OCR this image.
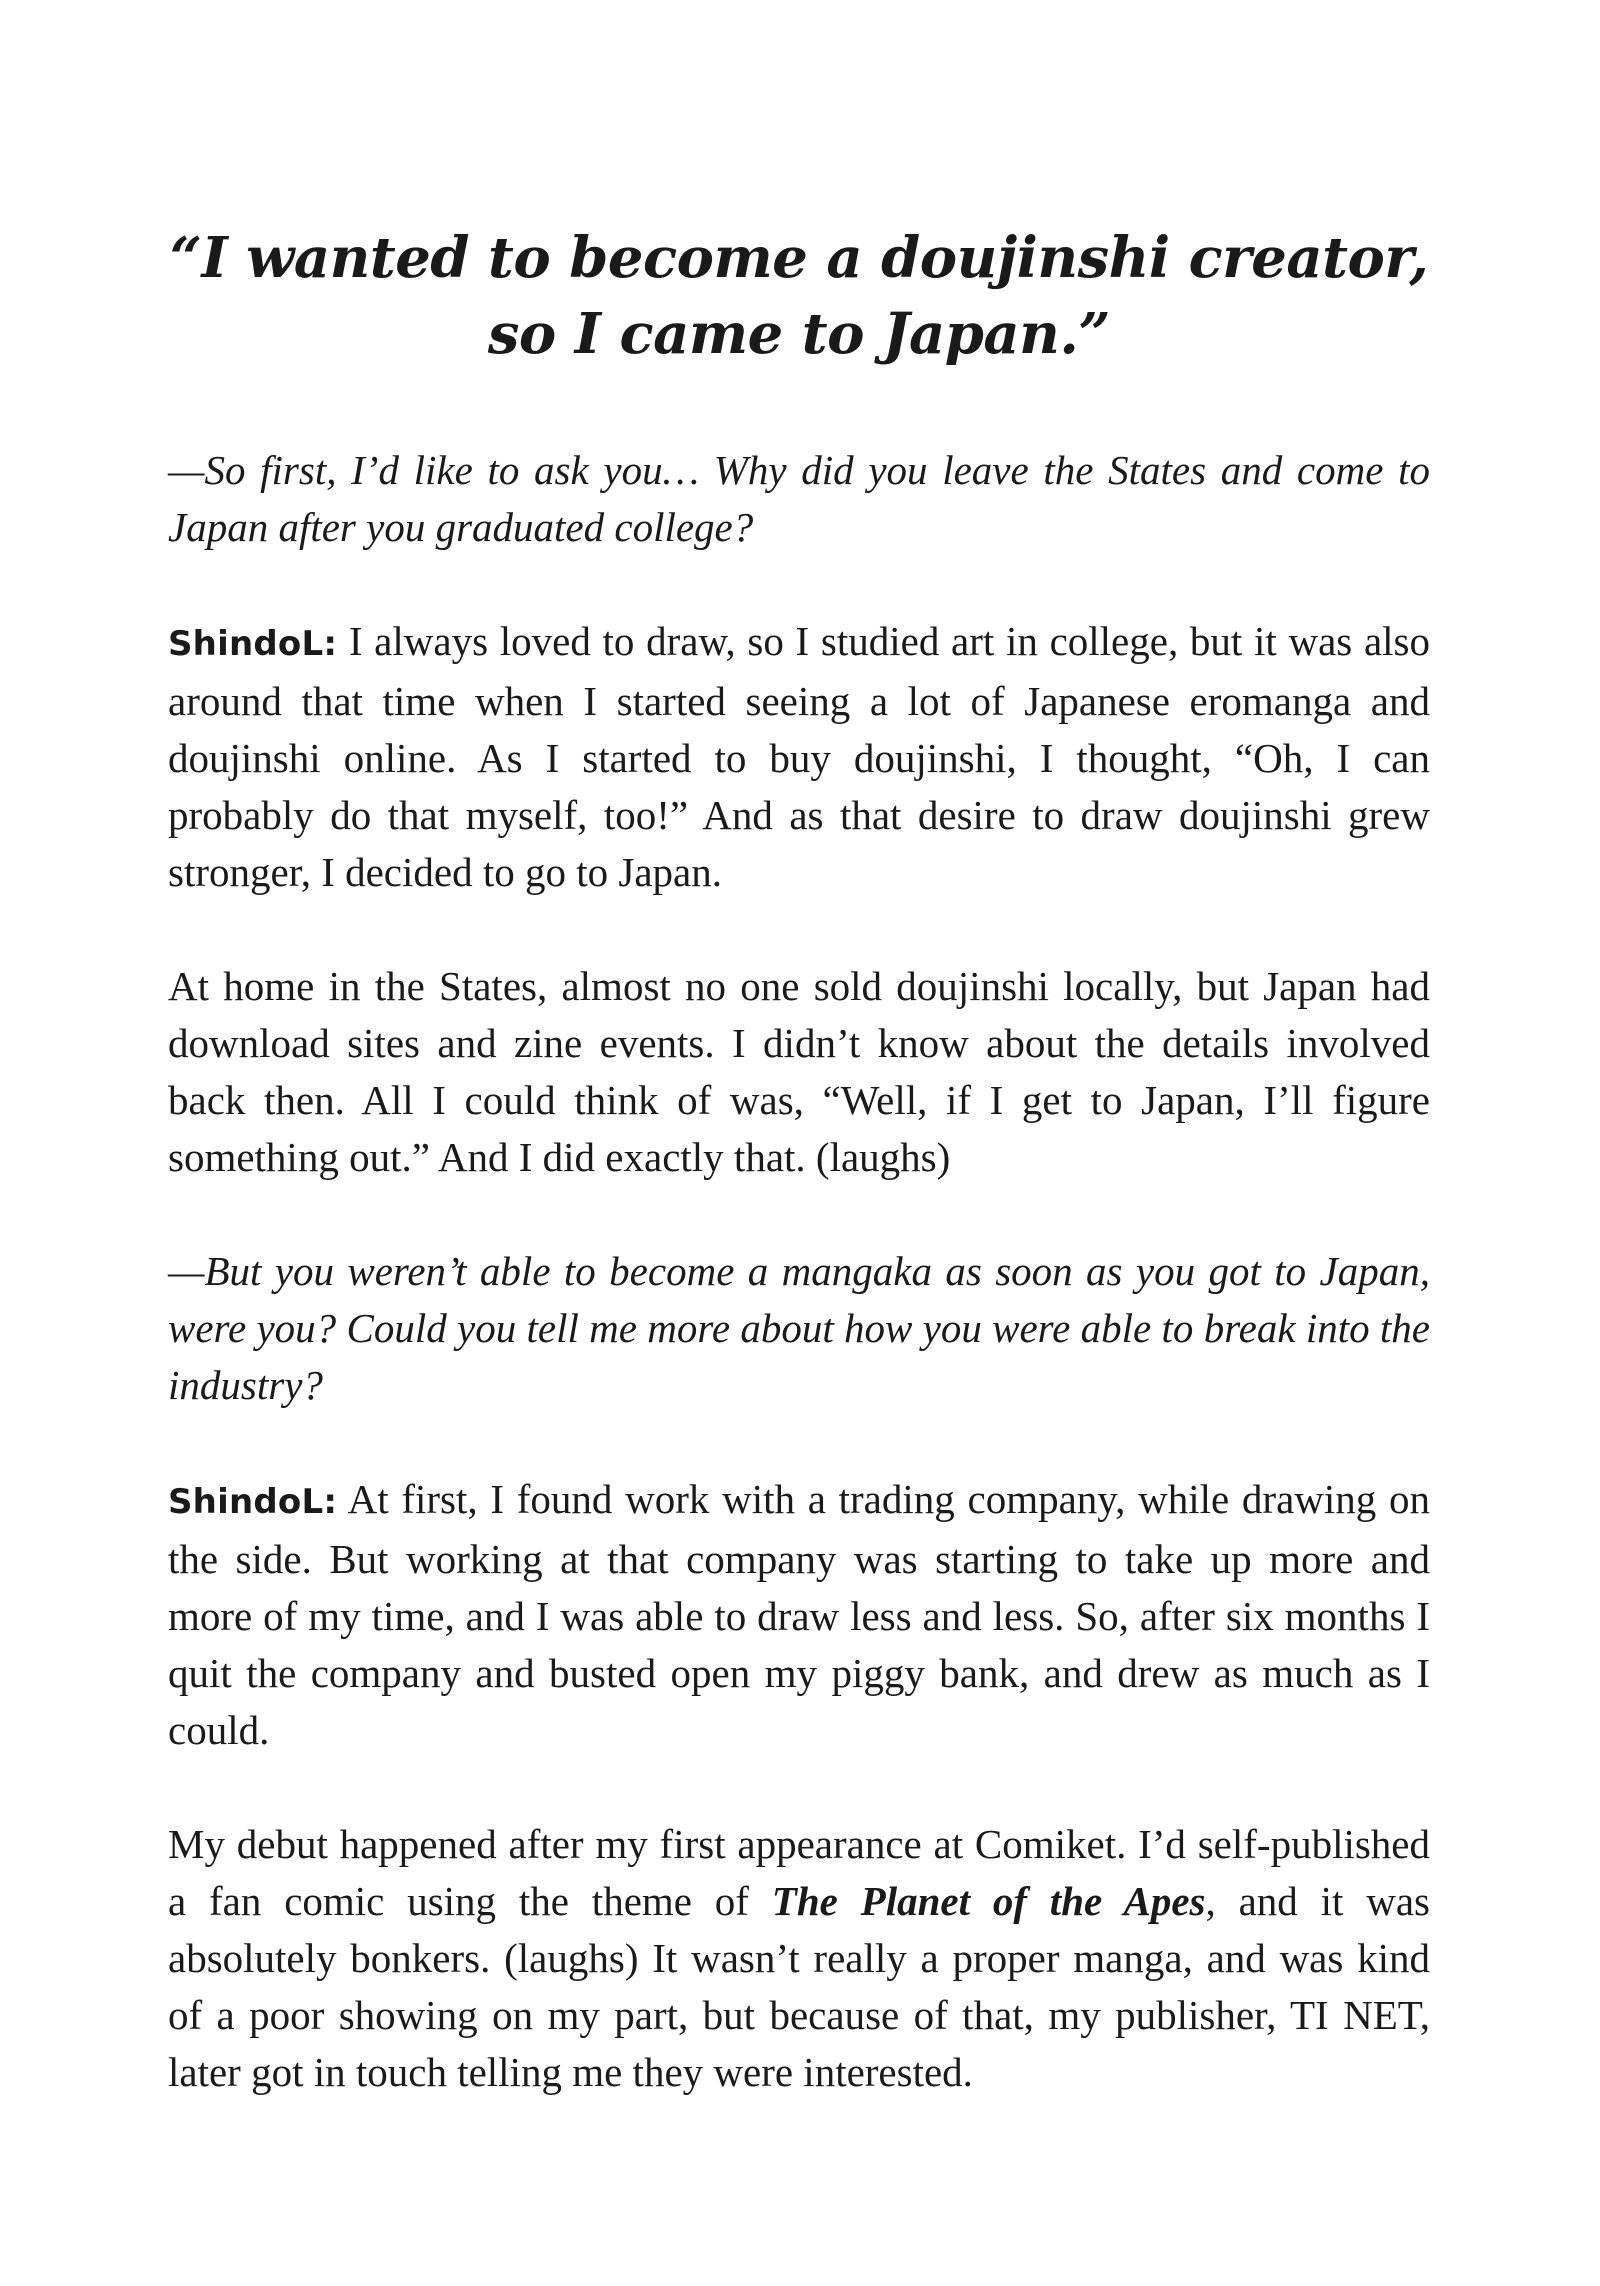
“I wanted to become a doujinshi creator,
so I came to Japan.”

—So first, I’d like to ask you… Why did you leave the States and come to Japan after you graduated college?

ShindoL: I always loved to draw, so I studied art in college, but it was also around that time when I started seeing a lot of Japanese eromanga and doujinshi online. As I started to buy doujinshi, I thought, “Oh, I can probably do that myself, too!” And as that desire to draw doujinshi grew stronger, I decided to go to Japan.

At home in the States, almost no one sold doujinshi locally, but Japan had download sites and zine events. I didn’t know about the details involved back then. All I could think of was, “Well, if I get to Japan, I’ll figure something out.” And I did exactly that. (laughs)

—But you weren’t able to become a mangaka as soon as you got to Japan, were you? Could you tell me more about how you were able to break into the industry?

ShindoL: At first, I found work with a trading company, while drawing on the side. But working at that company was starting to take up more and more of my time, and I was able to draw less and less. So, after six months I quit the company and busted open my piggy bank, and drew as much as I could.

My debut happened after my first appearance at Comiket. I’d self-published a fan comic using the theme of The Planet of the Apes, and it was absolutely bonkers. (laughs) It wasn’t really a proper manga, and was kind of a poor showing on my part, but because of that, my publisher, TI NET, later got in touch telling me they were interested.
